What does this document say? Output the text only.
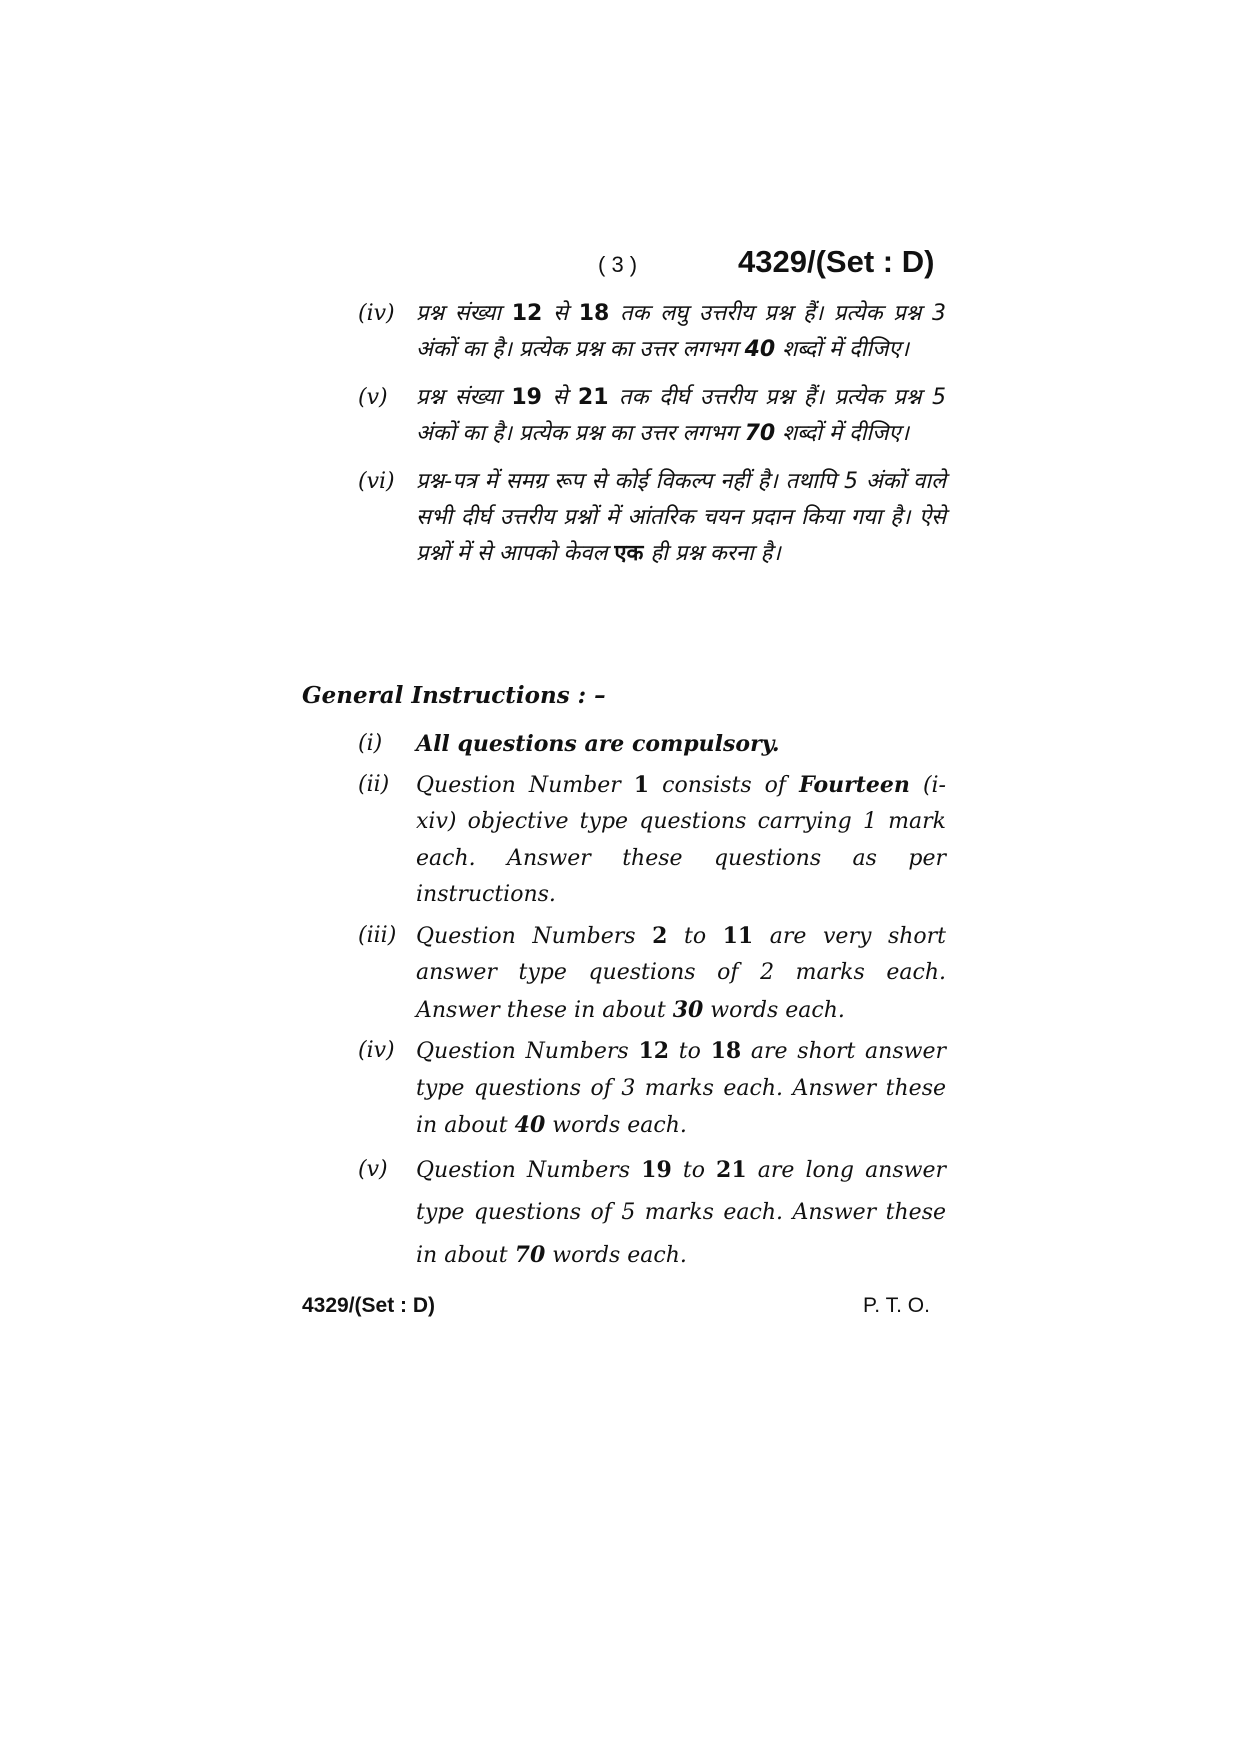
( 3 )	4329/(Set : D)
(iv) प्रश्न संख्या 12 से 18 तक लघु उत्तरीय प्रश्न हैं। प्रत्येक प्रश्न 3 अंकों का है। प्रत्येक प्रश्न का उत्तर लगभग 40 शब्दों में दीजिए।
(v)	प्रश्न संख्या 19 से 21 तक दीर्घ उत्तरीय प्रश्न हैं। प्रत्येक प्रश्न 5 अंकों का है। प्रत्येक प्रश्न का उत्तर लगभग 70 शब्दों में दीजिए।
(vi) प्रश्न-पत्र में समग्र रूप से कोई विकल्प नहीं है। तथापि 5 अंकों वाले सभी दीर्घ उत्तरीय प्रश्नों में आंतरिक चयन प्रदान किया गया है। ऐसे प्रश्नों में से आपको केवल एक ही प्रश्न करना है।
General Instructions : –
(i)	All questions are compulsory.
(ii)	Question Number 1 consists of Fourteen (i-xiv) objective type questions carrying 1 mark each. Answer these questions as per instructions.
(iii) Question Numbers 2 to 11 are very short answer type questions of 2 marks each. Answer these in about 30 words each.
(iv) Question Numbers 12 to 18 are short answer type questions of 3 marks each. Answer these in about 40 words each.
(v)	Question Numbers 19 to 21 are long answer type questions of 5 marks each. Answer these in about 70 words each.
4329/(Set : D)	P. T. O.
